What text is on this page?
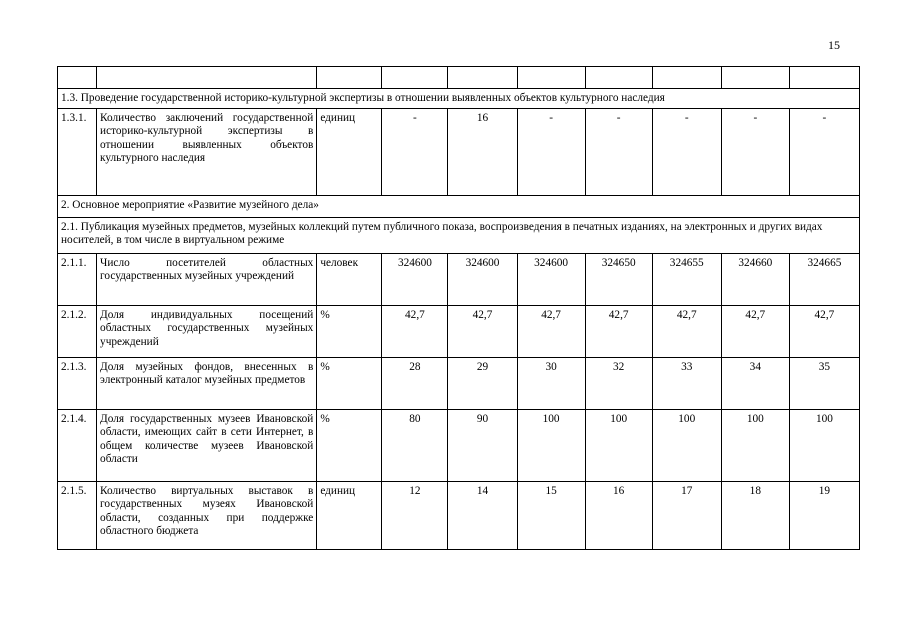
15

1.3. Проведение государственной историко-культурной экспертизы в отношении выявленных объектов культурного наследия									
1.3.1.	Количество заключений государственной историко-культурной экспертизы в отношении выявленных объектов культурного наследия	единиц	-	16	-	-	-	-	-
2. Основное мероприятие «Развитие музейного дела»									
2.1. Публикация музейных предметов, музейных коллекций путем публичного показа, воспроизведения в печатных изданиях, на электронных и других видах носителей, в том числе в виртуальном режиме									
2.1.1.	Число посетителей областных государственных музейных учреждений	человек	324600	324600	324600	324650	324655	324660	324665
2.1.2.	Доля индивидуальных посещений областных государственных музейных учреждений	%	42,7	42,7	42,7	42,7	42,7	42,7	42,7
2.1.3.	Доля музейных фондов, внесенных в электронный каталог музейных предметов	%	28	29	30	32	33	34	35
2.1.4.	Доля государственных музеев Ивановской области, имеющих сайт в сети Интернет, в общем количестве музеев Ивановской области	%	80	90	100	100	100	100	100
2.1.5.	Количество виртуальных выставок в государственных музеях Ивановской области, созданных при поддержке областного бюджета	единиц	12	14	15	16	17	18	19
